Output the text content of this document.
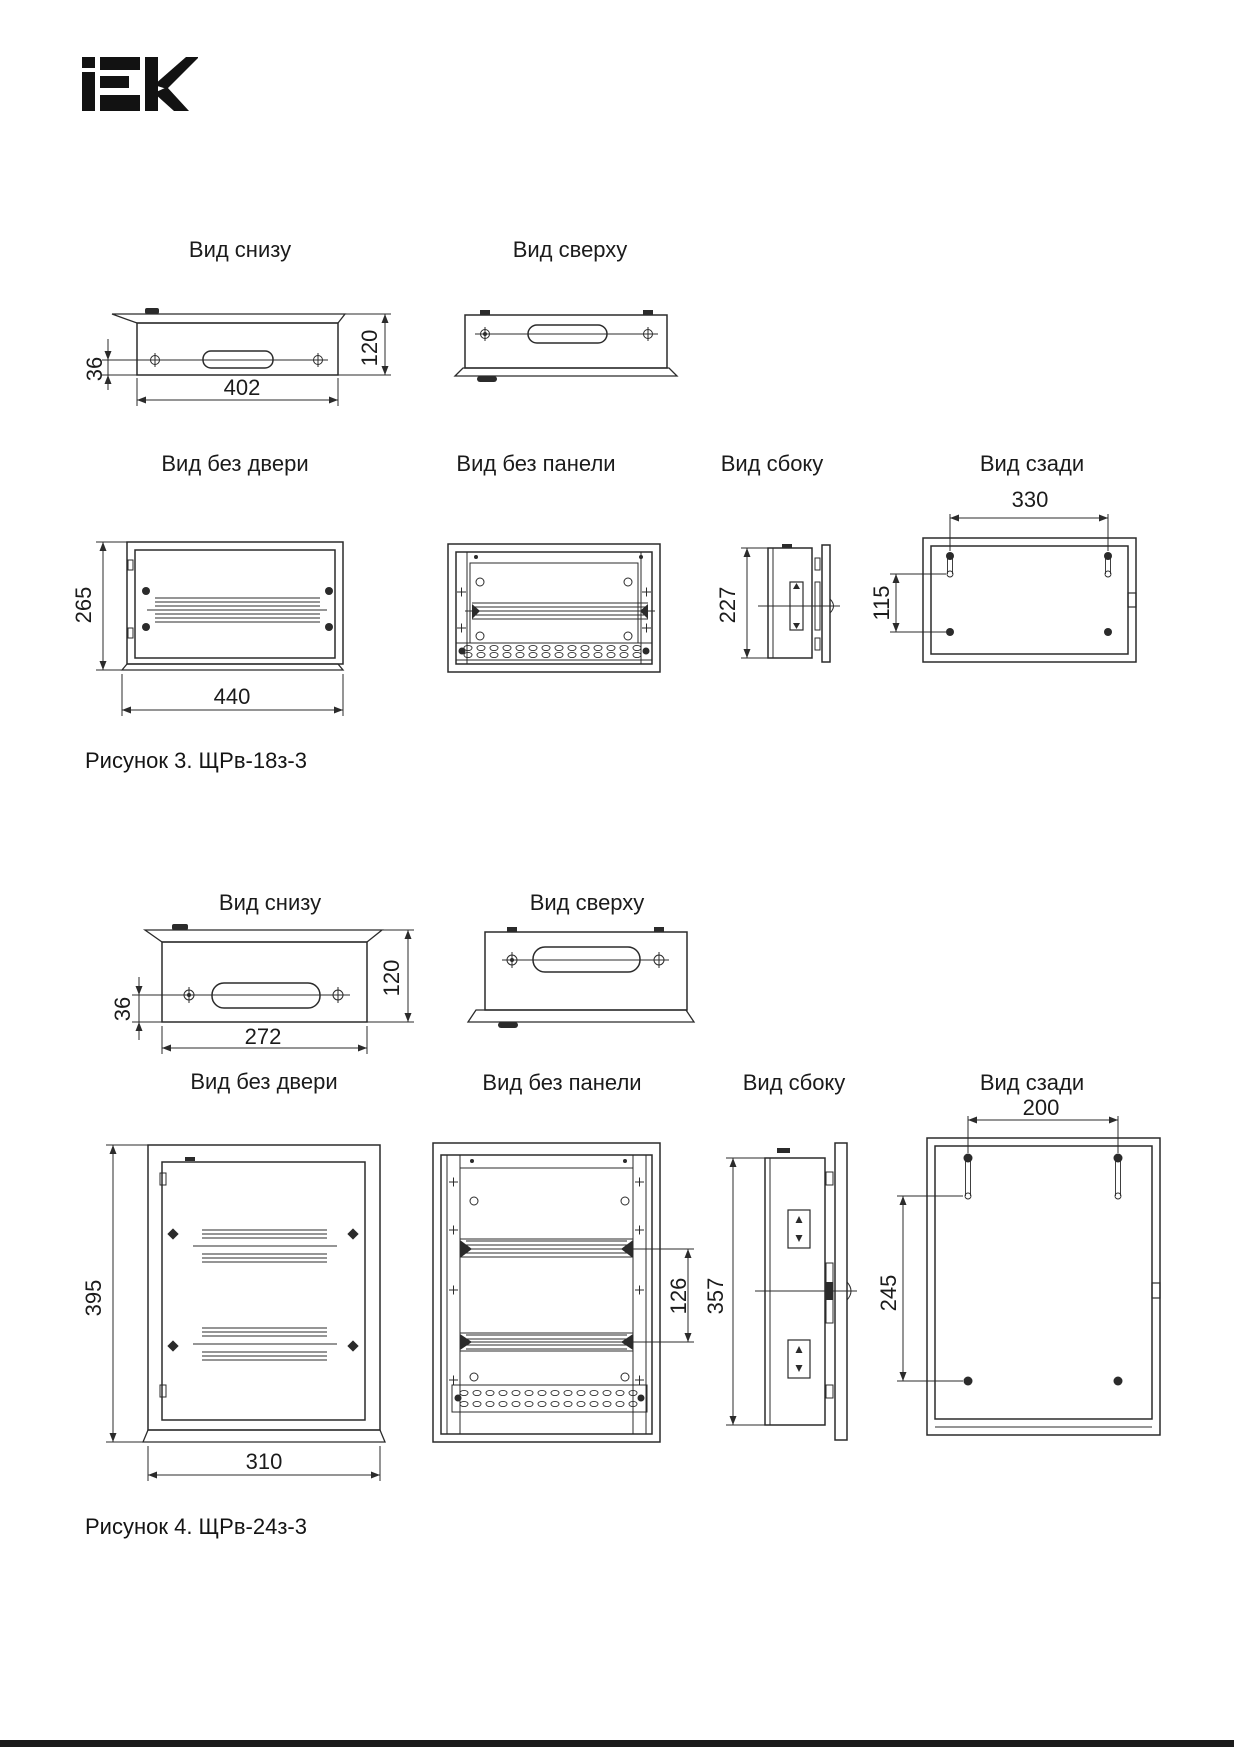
Вид снизу	Вид сверху
Вид без двери	Вид без панели	Вид сбоку	Вид сзади
36
120
402
265
440
227
330
115
Рисунок 3. ЩРв-18з-3
Вид снизу	Вид сверху
Вид без двери	Вид без панели	Вид сбоку	Вид сзади
36
120
272
395
310
126 357
200
245
Рисунок 4. ЩРв-24з-3
